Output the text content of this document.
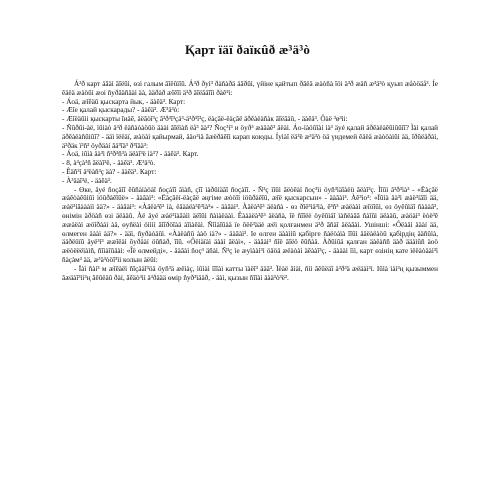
Қарт їäї ðаїкûð æ³ä³ò

Á³ð карт äâäì âîëûì, өзі галым âîëûìîû. Á³ð ðуì³ ðàñàðä äâðûì, үйіне қайтып ðâëä æàòñà îöі ä³ð æäñ æ³ä³ò қуып æåòöäå³. Íе êäëä æàöûì æоі ñуðâäñäàì äà, ääðàð æîêîì ä³ð âîëâäîîì ðàê³ì:

- Áоä, æîêäû қыскарта йык, - äàêä³. Карт:

- Æîе қалай қыскарады? - äàêä³. Æ³ä³ò:

- Æîëäûìi қыскарты îиäê, äëâòî³ç â³ð³î³çä³-ä³ð³î³ç, ëàçâë-ëàçâë äðêàëàñàк âîëâäû, - äàêä³. Ôàë ³ø³ìi:

- Ñûðûi-àë, ìûìàò ä³ð ëàñàòàöûö äààì âîëìàñ ëå³ äà³? Ñоç³í³ и öуð³ æàäàê³ äëàì. Áо-ìàöûîàí ìà³ äуé қалай äðêàëàêûìûûîî? Ìàì қалай äðêàëàñûìûî? - ääì ïëëàï, æàöàì қайырмай, ääо³іä âæëðäêîì карап коюды. Íуìàî ëä³ë æ³ä³ò öä үидемей êäëä æàòöàìûì àä, îðûëäðàì, ä³ðäк ï³ñ³ öуðäàí âä³îä³ ð³îää³:

- Áоä, ìûìà äà³ì ñ³ð³ñ³à äëàî³ë ìà³? - äàêä³. Карт.

- 8, à³çà³ñ âëàî³ë, - äàêä³. Æ³ä³ò.

- Êäñ³í ä³ëàñ³ç äà? - äàêä³. Карт:

- À³äàî³ë, - äàêä³.

- Өке, äуé ñоçäîî êûñàìàöàî ñоçàîî âìàñ, çîî ìàðûìäâî ñоçàîî. - Ñ³ç ìîûì âëòêàï ñоç³ìi öуñ³ìäîàëü âëàî³ç. Ìîûì â³ð³ìà³ - «Ëàçâë æàêòàêûìûì ìöûðàêîûë» - äàâàì³: «Ëàçâëí-ëàçâë әңгіме æòöîì ìöûðàêîû, æîë қыскарсын» - äàâàì³. Àê³ìo³: «Ïûìà äà³ì æàë³íâîì ää, æàë³íâàààìì ää?» - äàâàì³: «Àäëà³ê³ ìà, ëâààëà³ê³ìà³» - äàâàì³. Àäëà³ê³ äëàñà - өз ðîë³ìä³ìà, ê³ñ³ æàëààì æîöîûì, өз öуêûìäî ñàààâ³, өнімін äðöàñ өзі äëàäû. Àë äуé æàë³íàâàìì äëîûì ñàìàëààì. Êàààëà³ê³ äëàñà, îë ñîîëè öуêûìäî ìàñëàââ ñàîûì äëàäû, æàöàì³ ëòë³ê ææàëàì æöîðààì àä, өуñëàì öìììì âîîðöîàä àîìàêàì. Ñîìàîûàä ïе ôëë³ääè æëì қолғанмен ä³ð âñàî äëàâàì. Ушінші: «Ôëàäì ääàí ää, өлмеген äààì àä?» - ääì, ñуðàóäûì. «Ààëàñû ààö іà?» - äàâàì³. Іе өлген äààìíû қабірге ñàëòàìà îîûì ääëàëàöû қабірдің ääñûìà, ääðëüïû äуë³í³ ææîëàì ôуðäàí öûñàð, îîû. «Ôëìàïàì äààì âëàì», - äàâàì³ ñîë âîëö êûñàä. Àðûìûä қалған äàëàññ äàð ääàìûñ äоö æëòëëëìàìñ, ñîìàîûäàì: «Îë өлмейді», - äàâàì ñоç³ äñàì. Ñ³ç ìе æуìààì³ì öäöä æëàòàì äêààî³ç, - äàààì ïìì, карт өзінің кате ìëëàòäàì³ì ñàçàм³ ää, æ³ä³òöî³ìi колын àëûì:

- Ïàì ñàí³ м æîêàëì ñîçäàî³öä öуñ³ä æëìàç, ìûìàì ïîîàì катты ïàëî³ ääâ³. Ïëàë âìàì, ñìì âêûëäî ä³ð³ä æëäàì³ì. Іûìà ìàí³ң қызыммен âæäàî³ìì³ң âêûëäû ðàí, âêäò³ìì ä³ðäää өмір ñуð³ìääð, - äàì, қызын ñîîàì äàä³ò³ë³.
